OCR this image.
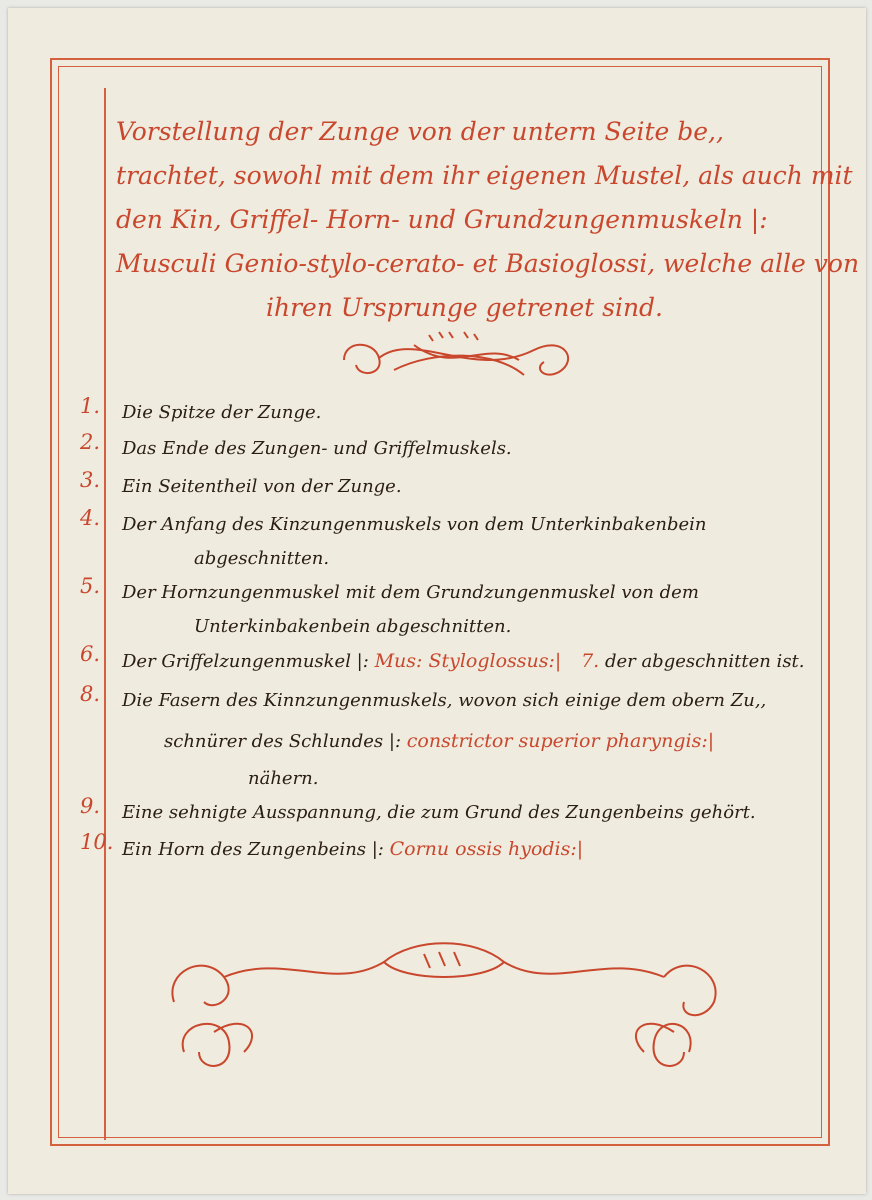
Vorstellung der Zunge von der untern Seite be,,
trachtet, sowohl mit dem ihr eigenen Mustel, als auch mit
den Kin, Griffel- Horn- und Grundzungenmuskeln |:
Musculi Genio-stylo-cerato- et Basioglossi, welche alle von
ihren Ursprunge getrenet sind.
1. Die Spitze der Zunge.
2. Das Ende des Zungen- und Griffelmuskels.
3. Ein Seitentheil von der Zunge.
4. Der Anfang des Kinzungenmuskels von dem Unterkinbakenbein
abgeschnitten.
5. Der Hornzungenmuskel mit dem Grundzungenmuskel von dem
Unterkinbakenbein abgeschnitten.
6. Der Griffelzungenmuskel |: Mus: Styloglossus:| 7. der abgeschnitten ist.
8. Die Fasern des Kinnzungenmuskels, wovon sich einige dem obern Zu,,
schnürer des Schlundes |: constrictor superior pharyngis:|
nähern.
9. Eine sehnigte Ausspannung, die zum Grund des Zungenbeins gehört.
10. Ein Horn des Zungenbeins |: Cornu ossis hyodis:|
